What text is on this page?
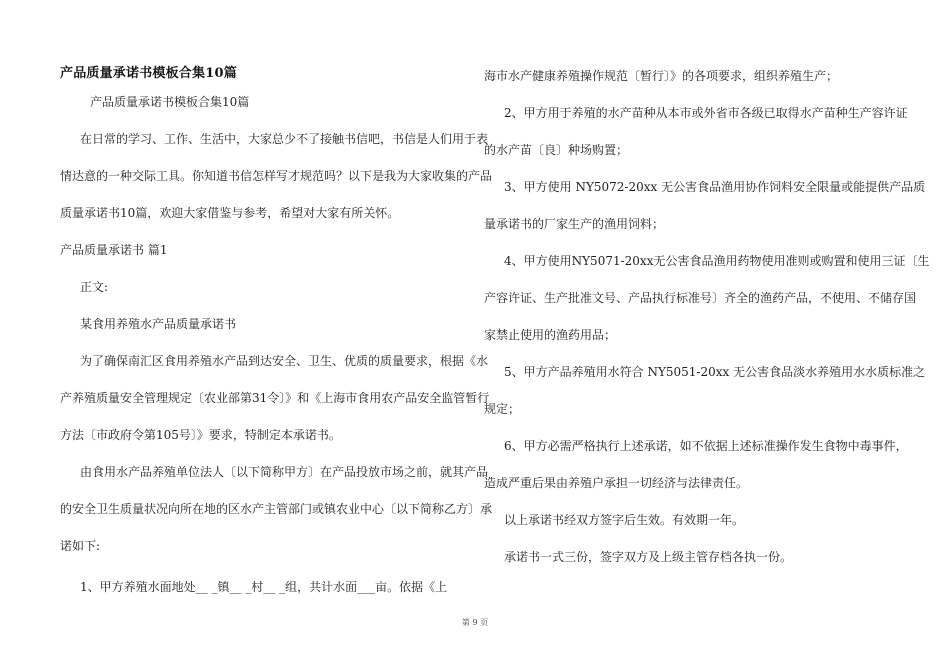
产品质量承诺书模板合集10篇
产品质量承诺书模板合集10篇
在日常的学习、工作、生活中，大家总少不了接触书信吧，书信是人们用于表
情达意的一种交际工具。你知道书信怎样写才规范吗？以下是我为大家收集的产品
质量承诺书10篇，欢迎大家借鉴与参考，希望对大家有所关怀。
产品质量承诺书 篇1
正文:
某食用养殖水产品质量承诺书
为了确保南汇区食用养殖水产品到达安全、卫生、优质的质量要求，根据《水
产养殖质量安全管理规定〔农业部第31令〕》和《上海市食用农产品安全监管暂行
方法〔市政府令第105号〕》要求，特制定本承诺书。
由食用水产品养殖单位法人〔以下简称甲方〕在产品投放市场之前，就其产品
的安全卫生质量状况向所在地的区水产主管部门或镇农业中心〔以下简称乙方〕承
诺如下:
1、甲方养殖水面地处__ _镇__ _村__ _组，共计水面___亩。依据《上
海市水产健康养殖操作规范〔暂行〕》的各项要求，组织养殖生产；
2、甲方用于养殖的水产苗种从本市或外省市各级已取得水产苗种生产容许证
的水产苗〔良〕种场购置；
3、甲方使用 NY5072-20xx 无公害食品渔用协作饲料安全限量或能提供产品质
量承诺书的厂家生产的渔用饲料；
4、甲方使用NY5071-20xx无公害食品渔用药物使用准则或购置和使用三证〔生
产容许证、生产批准文号、产品执行标准号〕齐全的渔药产品，不使用、不储存国
家禁止使用的渔药用品；
5、甲方产品养殖用水符合 NY5051-20xx 无公害食品淡水养殖用水水质标准之
规定；
6、甲方必需严格执行上述承诺，如不依据上述标准操作发生食物中毒事件，
造成严重后果由养殖户承担一切经济与法律责任。
以上承诺书经双方签字后生效。有效期一年。
承诺书一式三份，签字双方及上级主管存档各执一份。
第 9 页
